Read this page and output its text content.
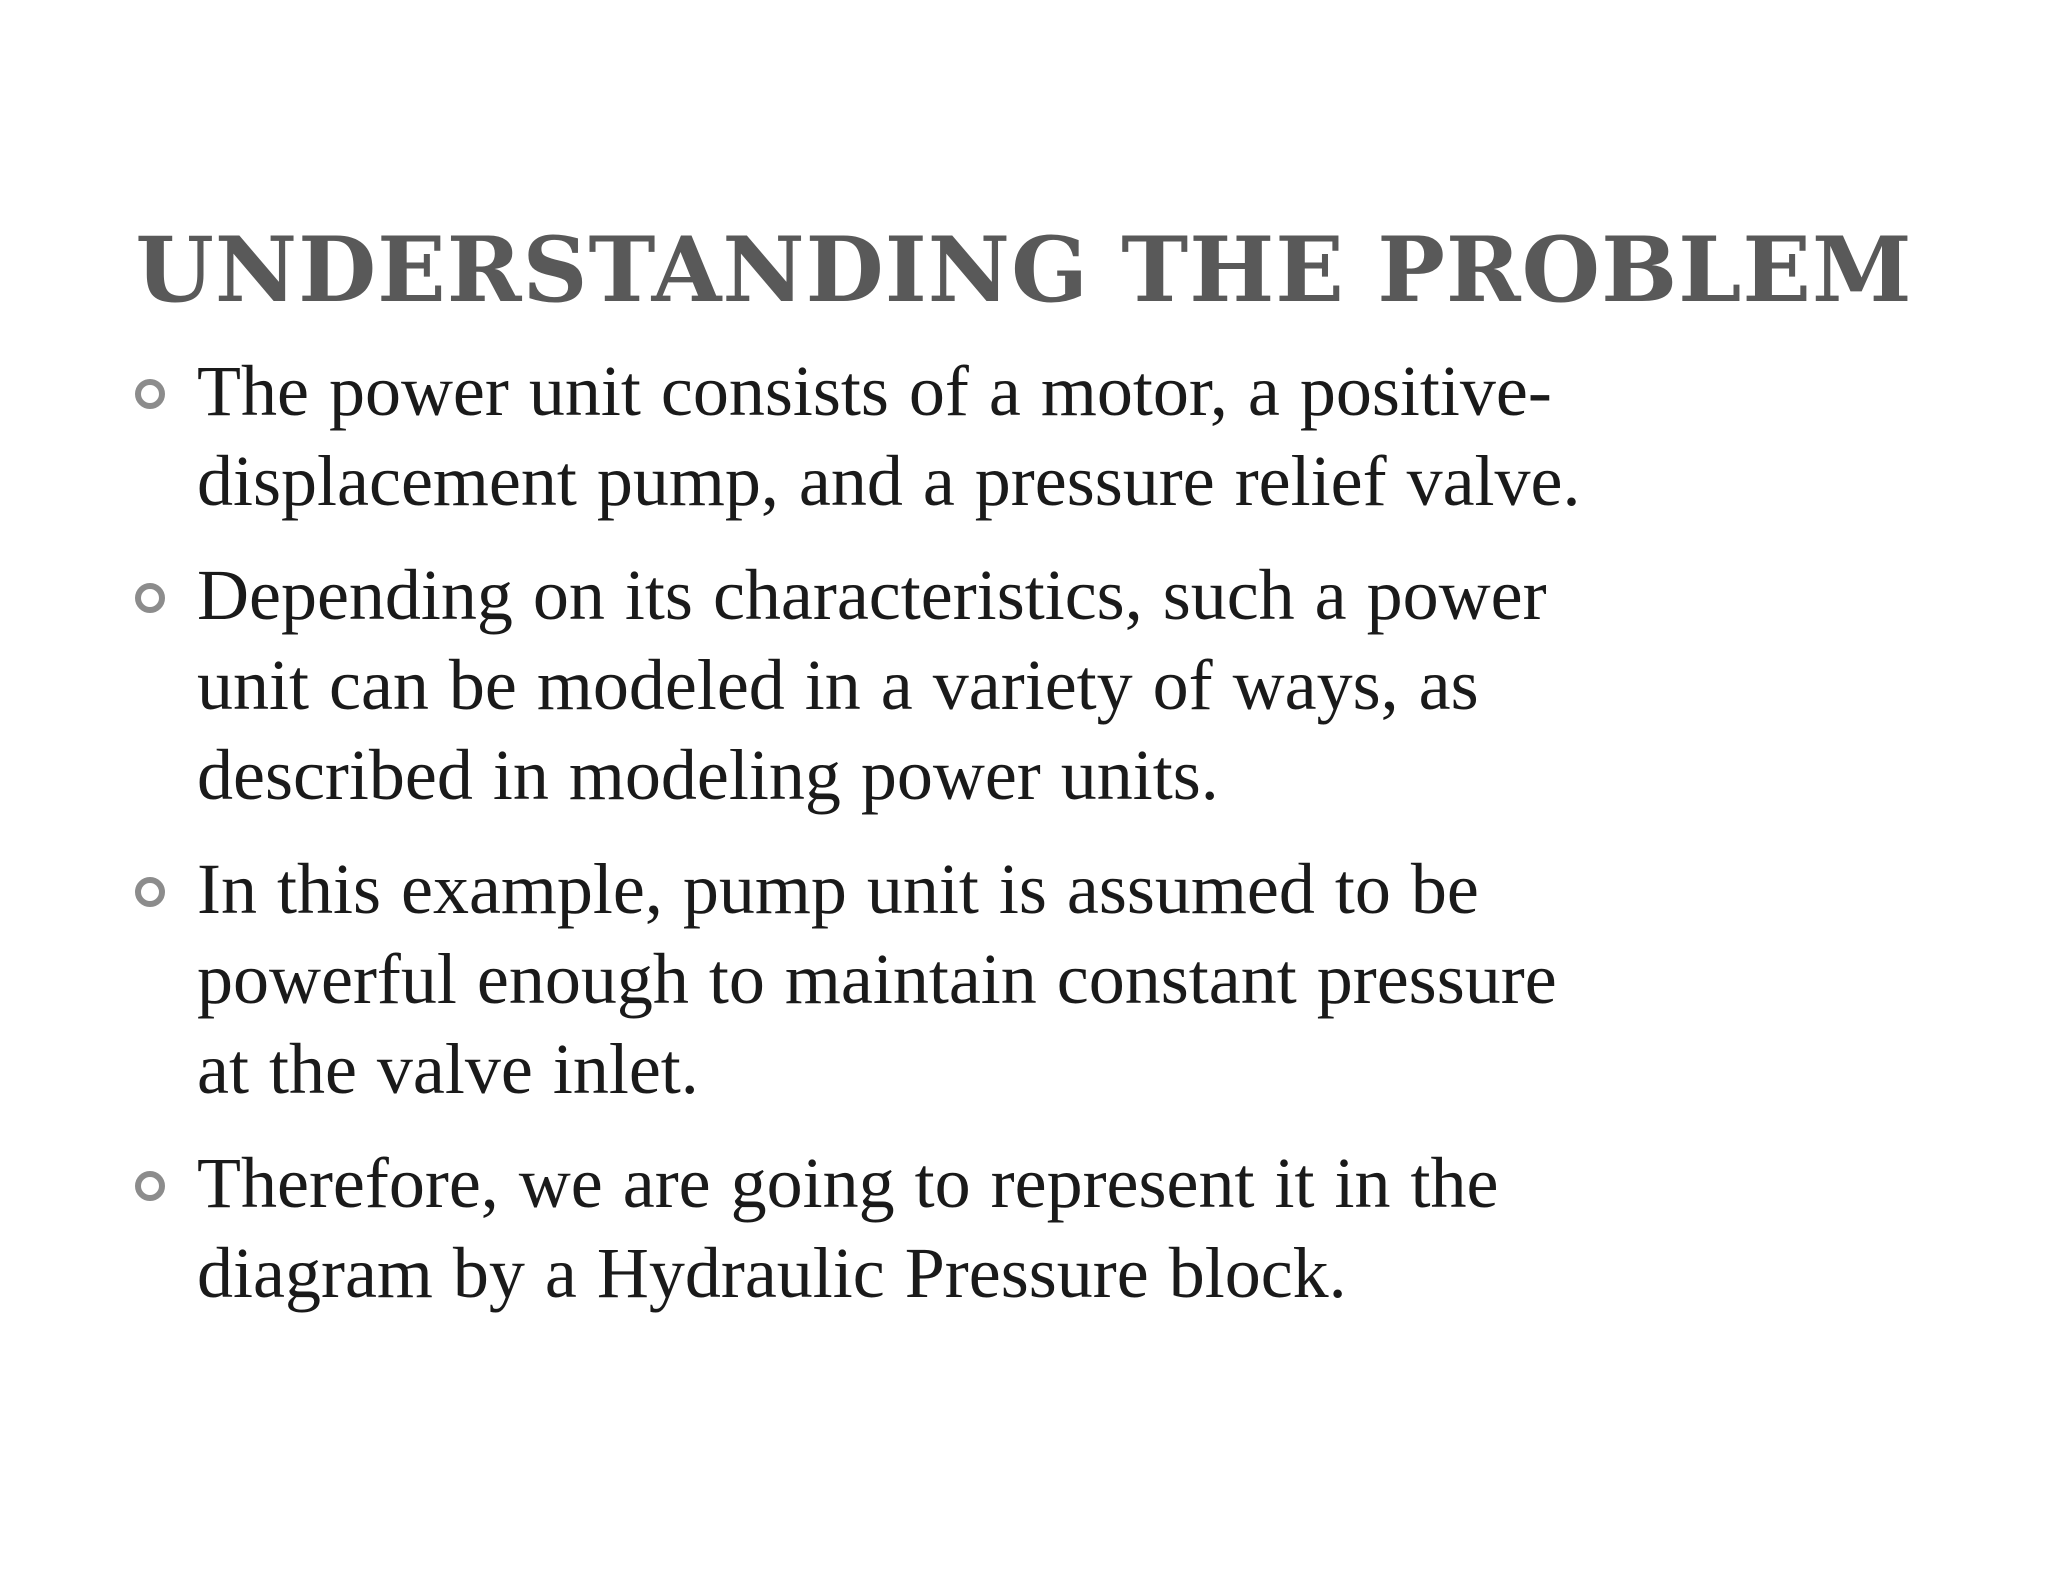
UNDERSTANDING THE PROBLEM
The power unit consists of a motor, a positive-
displacement pump, and a pressure relief valve.
Depending on its characteristics, such a power
unit can be modeled in a variety of ways, as
described in modeling power units.
In this example, pump unit is assumed to be
powerful enough to maintain constant pressure
at the valve inlet.
Therefore, we are going to represent it in the
diagram by a Hydraulic Pressure block.
